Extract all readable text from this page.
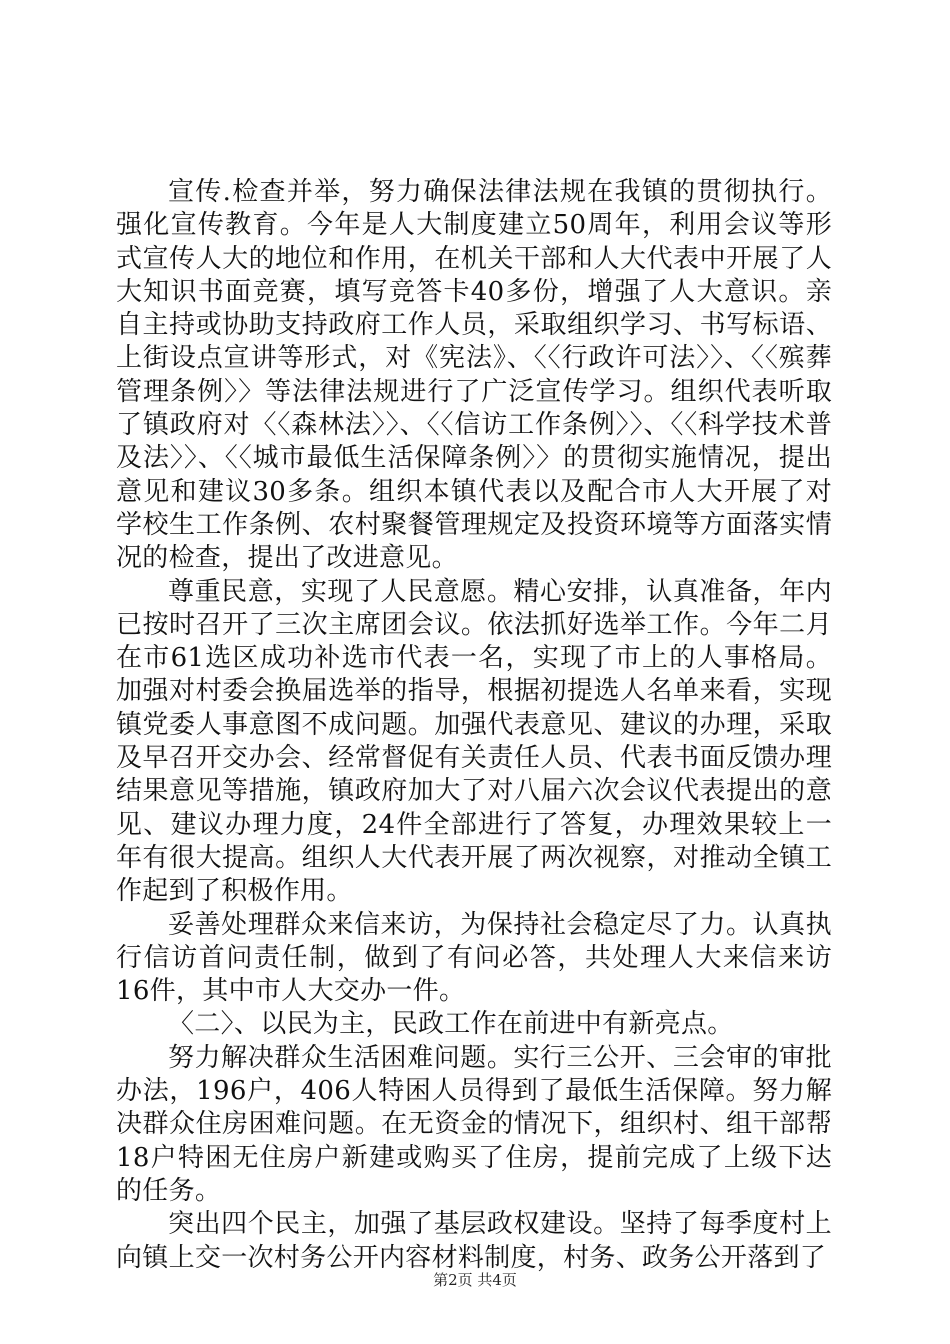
宣传.检查并举，努力确保法律法规在我镇的贯彻执行。强化宣传教育。今年是人大制度建立50周年，利用会议等形式宣传人大的地位和作用，在机关干部和人大代表中开展了人大知识书面竞赛，填写竞答卡40多份，增强了人大意识。亲自主持或协助支持政府工作人员，采取组织学习、书写标语、上街设点宣讲等形式，对《宪法》、〈〈行政许可法〉〉、〈〈殡葬管理条例〉〉等法律法规进行了广泛宣传学习。组织代表听取了镇政府对〈〈森林法〉〉、〈〈信访工作条例〉〉、〈〈科学技术普及法〉〉、〈〈城市最低生活保障条例〉〉的贯彻实施情况，提出意见和建议30多条。组织本镇代表以及配合市人大开展了对学校生工作条例、农村聚餐管理规定及投资环境等方面落实情况的检查，提出了改进意见。

尊重民意，实现了人民意愿。精心安排，认真准备，年内已按时召开了三次主席团会议。依法抓好选举工作。今年二月在市61选区成功补选市代表一名，实现了市上的人事格局。加强对村委会换届选举的指导，根据初提选人名单来看，实现镇党委人事意图不成问题。加强代表意见、建议的办理，采取及早召开交办会、经常督促有关责任人员、代表书面反馈办理结果意见等措施，镇政府加大了对八届六次会议代表提出的意见、建议办理力度，24件全部进行了答复，办理效果较上一年有很大提高。组织人大代表开展了两次视察，对推动全镇工作起到了积极作用。

妥善处理群众来信来访，为保持社会稳定尽了力。认真执行信访首问责任制，做到了有问必答，共处理人大来信来访16件，其中市人大交办一件。

〈二〉、以民为主，民政工作在前进中有新亮点。

努力解决群众生活困难问题。实行三公开、三会审的审批办法，196户，406人特困人员得到了最低生活保障。努力解决群众住房困难问题。在无资金的情况下，组织村、组干部帮18户特困无住房户新建或购买了住房，提前完成了上级下达的任务。

突出四个民主，加强了基层政权建设。坚持了每季度村上向镇上交一次村务公开内容材料制度，村务、政务公开落到了

第2页 共4页
